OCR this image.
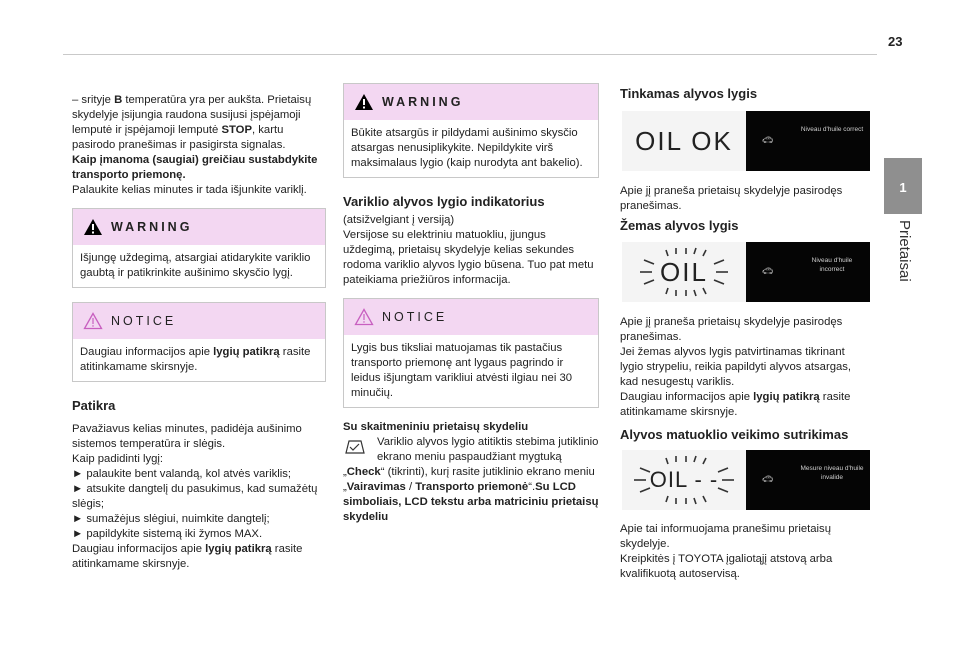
23
1
Prietaisai

– srityje B temperatūra yra per aukšta. Prietaisų skydelyje įsijungia raudona susijusi įspėjamoji lemputė ir įspėjamoji lemputė STOP, kartu pasirodo pranešimas ir pasigirsta signalas.

Kaip įmanoma (saugiai) greičiau sustabdykite transporto priemonę.

Palaukite kelias minutes ir tada išjunkite variklį.

WARNING
Išjungę uždegimą, atsargiai atidarykite variklio gaubtą ir patikrinkite aušinimo skysčio lygį.
NOTICE
Daugiau informacijos apie lygių patikrą rasite atitinkamame skirsnyje.
Patikra

Pavažiavus kelias minutes, padidėja aušinimo sistemos temperatūra ir slėgis.

Kaip padidinti lygį:

► palaukite bent valandą, kol atvės variklis;
► atsukite dangtelį du pasukimus, kad sumažėtų slėgis;
► sumažėjus slėgiui, nuimkite dangtelį;
► papildykite sistemą iki žymos MAX.

Daugiau informacijos apie lygių patikrą rasite atitinkamame skirsnyje.

WARNING
Būkite atsargūs ir pildydami aušinimo skysčio atsargas nenusiplikykite. Nepildykite virš maksimalaus lygio (kaip nurodyta ant bakelio).
Variklio alyvos lygio indikatorius

(atsižvelgiant į versiją)

Versijose su elektriniu matuokliu, įjungus uždegimą, prietaisų skydelyje kelias sekundes rodoma variklio alyvos lygio būsena. Tuo pat metu pateikiama priežiūros informacija.

NOTICE
Lygis bus tiksliai matuojamas tik pastačius transporto priemonę ant lygaus pagrindo ir leidus išjungtam varikliui atvėsti ilgiau nei 30 minučių.

Su skaitmeniniu prietaisų skydeliu

Variklio alyvos lygio atitiktis stebima jutiklinio ekrano meniu paspaudžiant mygtuką „Check“ (tikrinti), kurį rasite jutiklinio ekrano meniu „Vairavimas / Transporto priemonė“.Su LCD simboliais, LCD tekstu arba matriciniu prietaisų skydeliu
Tinkamas alyvos lygis
OIL OK	🚗︎
Niveau d'huile correct
Apie jį praneša prietaisų skydelyje pasirodęs pranešimas.
Žemas alyvos lygis
OIL	🚗︎
Niveau d'huile incorrect

Apie jį praneša prietaisų skydelyje pasirodęs pranešimas.

Jei žemas alyvos lygis patvirtinamas tikrinant lygio strypeliu, reikia papildyti alyvos atsargas, kad nesugestų variklis.

Daugiau informacijos apie lygių patikrą rasite atitinkamame skirsnyje.

Alyvos matuoklio veikimo sutrikimas
OIL - -	🚗︎
Mesure niveau d'huile invalide

Apie tai informuojama pranešimu prietaisų skydelyje.

Kreipkitės į TOYOTA įgaliotąjį atstovą arba kvalifikuotą autoservisą.
